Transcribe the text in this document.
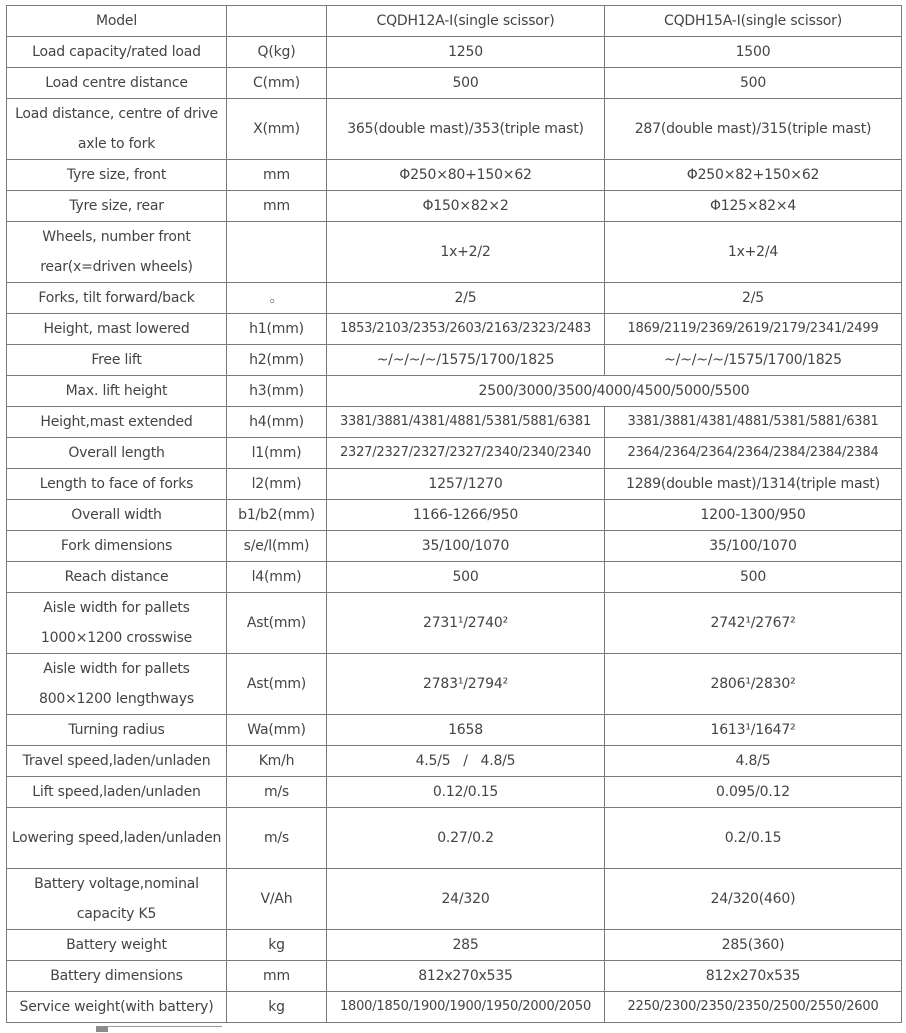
Model		CQDH12A-I(single scissor)	CQDH15A-I(single scissor)
Load capacity/rated load	Q(kg)	1250	1500
Load centre distance	C(mm)	500	500
Load distance, centre of drive axle to fork	X(mm)	365(double mast)/353(triple mast)	287(double mast)/315(triple mast)
Tyre size, front	mm	Φ250×80+150×62	Φ250×82+150×62
Tyre size, rear	mm	Φ150×82×2	Φ125×82×4
Wheels, number front rear(x=driven wheels)		1x+2/2	1x+2/4
Forks, tilt forward/back	。	2/5	2/5
Height, mast lowered	h1(mm)	1853/2103/2353/2603/2163/2323/2483	1869/2119/2369/2619/2179/2341/2499
Free lift	h2(mm)	~/~/~/~/1575/1700/1825	~/~/~/~/1575/1700/1825
Max. lift height	h3(mm)	2500/3000/3500/4000/4500/5000/5500	
Height,mast extended	h4(mm)	3381/3881/4381/4881/5381/5881/6381	3381/3881/4381/4881/5381/5881/6381
Overall length	l1(mm)	2327/2327/2327/2327/2340/2340/2340	2364/2364/2364/2364/2384/2384/2384
Length to face of forks	l2(mm)	1257/1270	1289(double mast)/1314(triple mast)
Overall width	b1/b2(mm)	1166-1266/950	1200-1300/950
Fork dimensions	s/e/l(mm)	35/100/1070	35/100/1070
Reach distance	l4(mm)	500	500
Aisle width for pallets 1000×1200 crosswise	Ast(mm)	2731¹/2740²	2742¹/2767²
Aisle width for pallets 800×1200 lengthways	Ast(mm)	2783¹/2794²	2806¹/2830²
Turning radius	Wa(mm)	1658	1613¹/1647²
Travel speed,laden/unladen	Km/h	4.5/5   /   4.8/5	4.8/5
Lift speed,laden/unladen	m/s	0.12/0.15	0.095/0.12
Lowering speed,laden/unladen	m/s	0.27/0.2	0.2/0.15
Battery voltage,nominal capacity K5	V/Ah	24/320	24/320(460)
Battery weight	kg	285	285(360)
Battery dimensions	mm	812x270x535	812x270x535
Service weight(with battery)	kg	1800/1850/1900/1900/1950/2000/2050	2250/2300/2350/2350/2500/2550/2600
